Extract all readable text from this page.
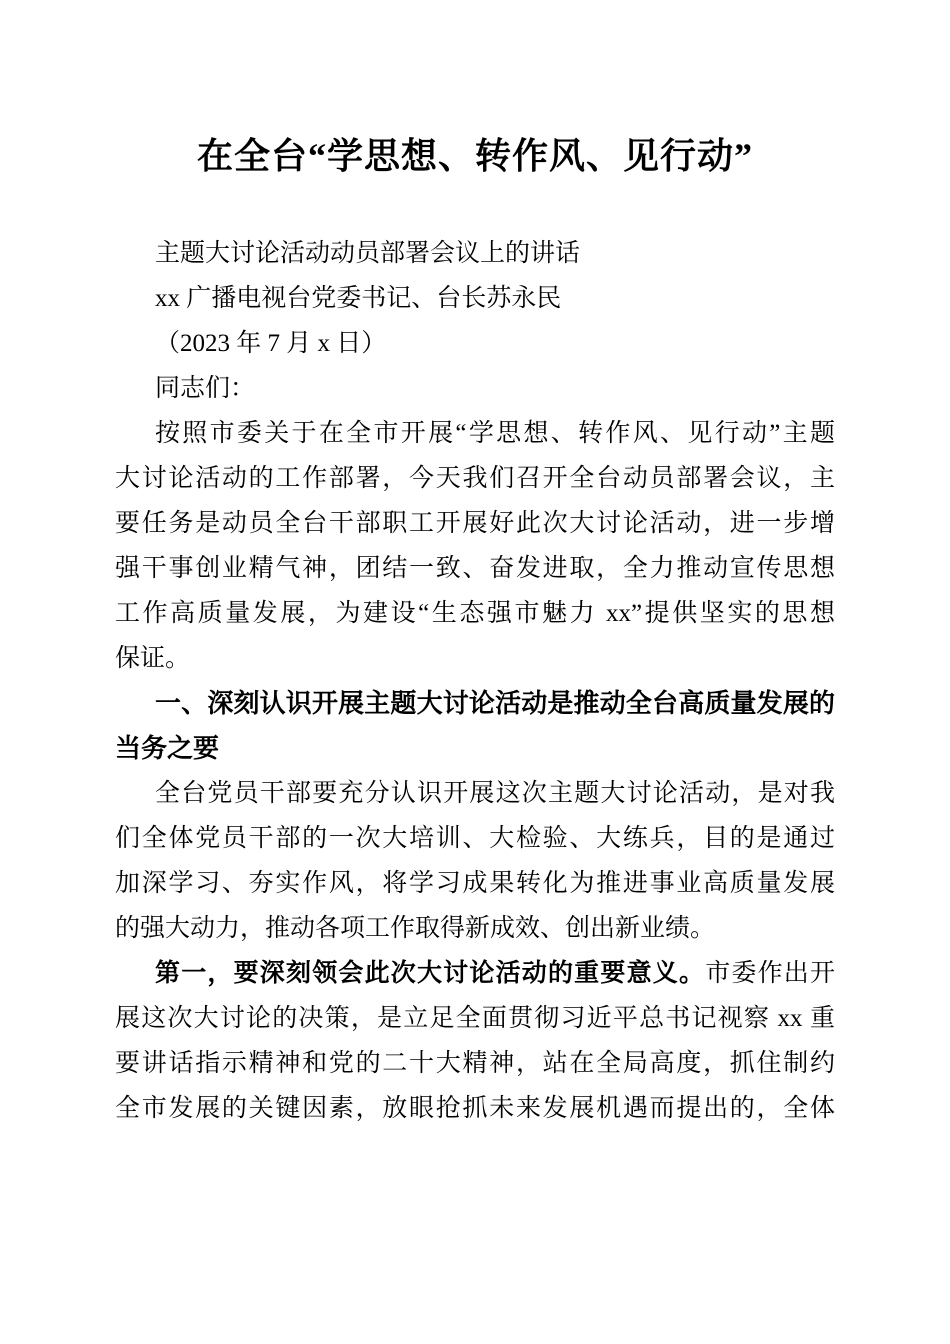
在全台“学思想、转作风、见行动”
主题大讨论活动动员部署会议上的讲话
xx 广播电视台党委书记、台长苏永民
（2023 年 7 月 x 日）
同志们：
按照市委关于在全市开展“学思想、转作风、见行动”主题
大讨论活动的工作部署，今天我们召开全台动员部署会议，主
要任务是动员全台干部职工开展好此次大讨论活动，进一步增
强干事创业精气神，团结一致、奋发进取，全力推动宣传思想
工作高质量发展，为建设“生态强市魅力 xx”提供坚实的思想
保证。
一、深刻认识开展主题大讨论活动是推动全台高质量发展的
当务之要
全台党员干部要充分认识开展这次主题大讨论活动，是对我
们全体党员干部的一次大培训、大检验、大练兵，目的是通过
加深学习、夯实作风，将学习成果转化为推进事业高质量发展
的强大动力，推动各项工作取得新成效、创出新业绩。
第一，要深刻领会此次大讨论活动的重要意义。市委作出开
展这次大讨论的决策，是立足全面贯彻习近平总书记视察 xx 重
要讲话指示精神和党的二十大精神，站在全局高度，抓住制约
全市发展的关键因素，放眼抢抓未来发展机遇而提出的，全体
